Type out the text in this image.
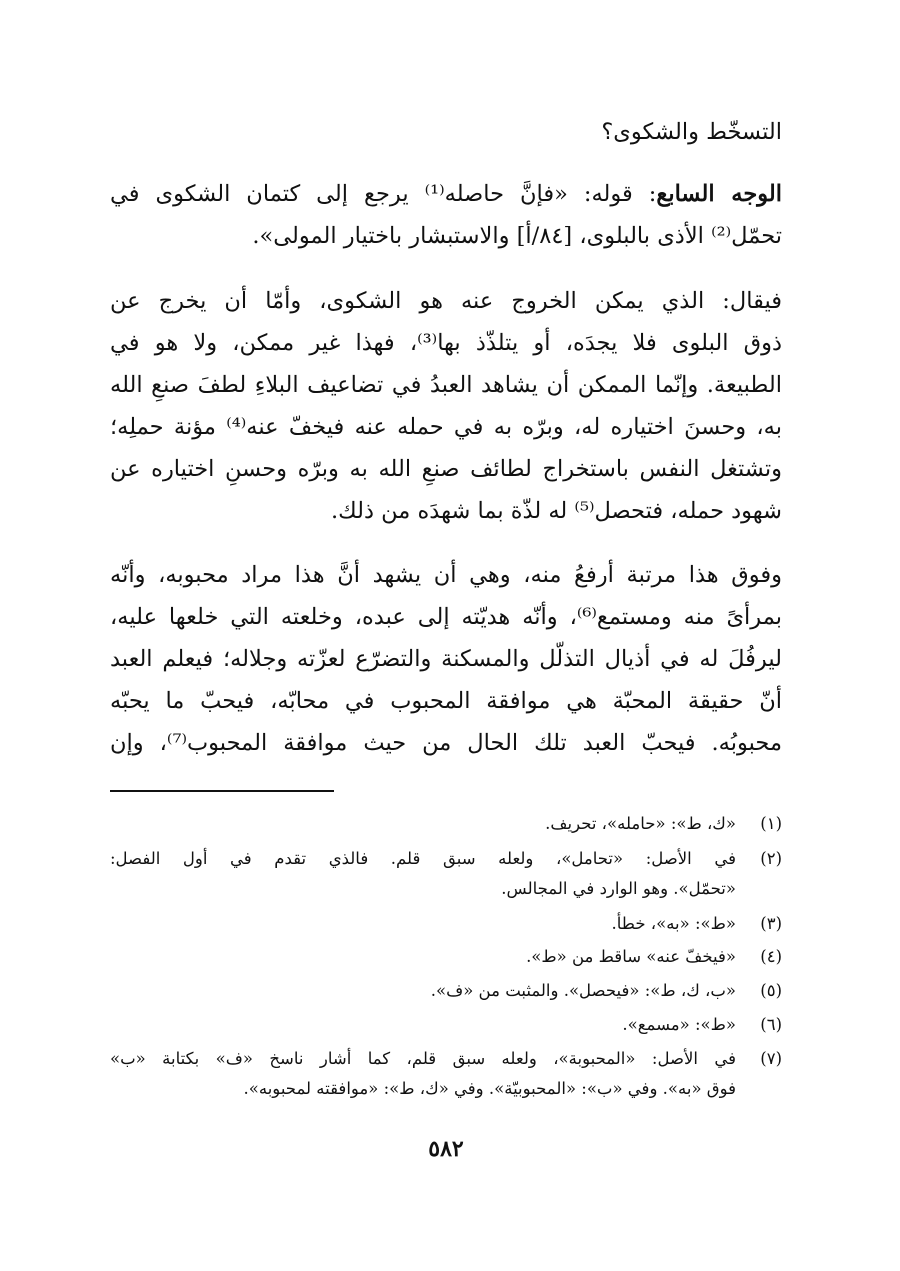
التسخّط والشكوى؟
الوجه السابع: قوله: «فإنَّ حاصله⁽¹⁾ يرجع إلى كتمان الشكوى في
تحمّل⁽²⁾ الأذى بالبلوى، [٨٤/أ] والاستبشار باختيار المولى».
فيقال: الذي يمكن الخروج عنه هو الشكوى، وأمّا أن يخرج عن
ذوق البلوى فلا يجدَه، أو يتلذّذ بها⁽³⁾، فهذا غير ممكن، ولا هو في
الطبيعة. وإنّما الممكن أن يشاهد العبدُ في تضاعيف البلاءِ لطفَ صنعِ الله
به، وحسنَ اختياره له، وبرّه به في حمله عنه فيخفّ عنه⁽⁴⁾ مؤنة حملِه؛
وتشتغل النفس باستخراج لطائف صنعِ الله به وبرّه وحسنِ اختياره عن
شهود حمله، فتحصل⁽⁵⁾ له لذّة بما شهدَه من ذلك.
وفوق هذا مرتبة أرفعُ منه، وهي أن يشهد أنَّ هذا مراد محبوبه، وأنّه
بمرأىً منه ومستمع⁽⁶⁾، وأنّه هديّته إلى عبده، وخلعته التي خلعها عليه،
ليرفُلَ له في أذيال التذلّل والمسكنة والتضرّع لعزّته وجلاله؛ فيعلم العبد
أنّ حقيقة المحبّة هي موافقة المحبوب في محابّه، فيحبّ ما يحبّه
محبوبُه. فيحبّ العبد تلك الحال من حيث موافقة المحبوب⁽⁷⁾، وإن
(١)
«ك، ط»: «حامله»، تحريف.
(٢)
في الأصل: «تحامل»، ولعله سبق قلم. فالذي تقدم في أول الفصل:
«تحمّل». وهو الوارد في المجالس.
(٣)
«ط»: «به»، خطأ.
(٤)
«فيخفّ عنه» ساقط من «ط».
(٥)
«ب، ك، ط»: «فيحصل». والمثبت من «ف».
(٦)
«ط»: «مسمع».
(٧)
في الأصل: «المحبوبة»، ولعله سبق قلم، كما أشار ناسخ «ف» بكتابة «ب»
فوق «به». وفي «ب»: «المحبوبيّة». وفي «ك، ط»: «موافقته لمحبوبه».
٥٨٢
